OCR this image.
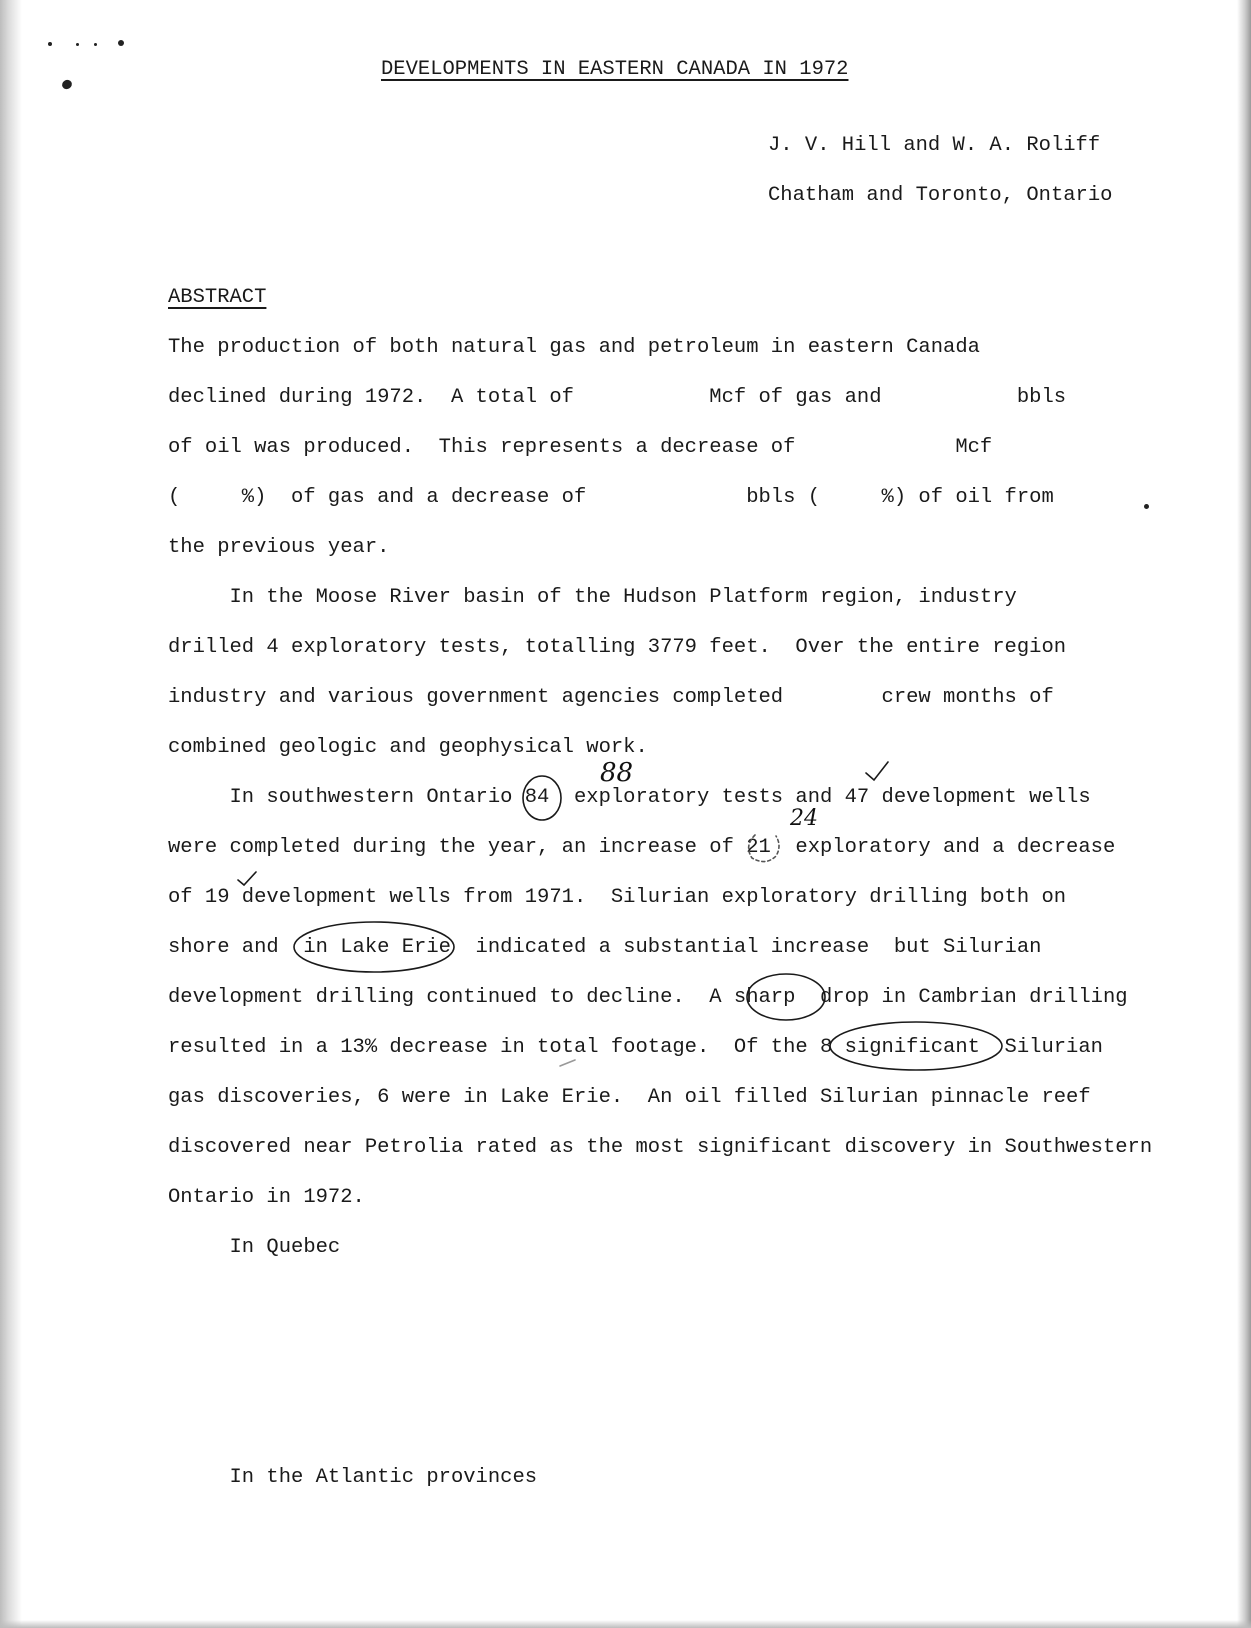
DEVELOPMENTS IN EASTERN CANADA IN 1972
J. V. Hill and W. A. Roliff
Chatham and Toronto, Ontario
ABSTRACT
The production of both natural gas and petroleum in eastern Canada
declined during 1972.  A total of           Mcf of gas and           bbls
of oil was produced.  This represents a decrease of             Mcf
(     %)  of gas and a decrease of             bbls (     %) of oil from
the previous year.
In the Moose River basin of the Hudson Platform region, industry
drilled 4 exploratory tests, totalling 3779 feet.  Over the entire region
industry and various government agencies completed        crew months of
combined geologic and geophysical work.
In southwestern Ontario 84  exploratory tests and 47 development wells
were completed during the year, an increase of 21  exploratory and a decrease
of 19 development wells from 1971.  Silurian exploratory drilling both on
shore and  in Lake Erie  indicated a substantial increase  but Silurian
development drilling continued to decline.  A sharp  drop in Cambrian drilling
resulted in a 13% decrease in total footage.  Of the 8 significant  Silurian
gas discoveries, 6 were in Lake Erie.  An oil filled Silurian pinnacle reef
discovered near Petrolia rated as the most significant discovery in Southwestern
Ontario in 1972.
In Quebec
In the Atlantic provinces
88
24
